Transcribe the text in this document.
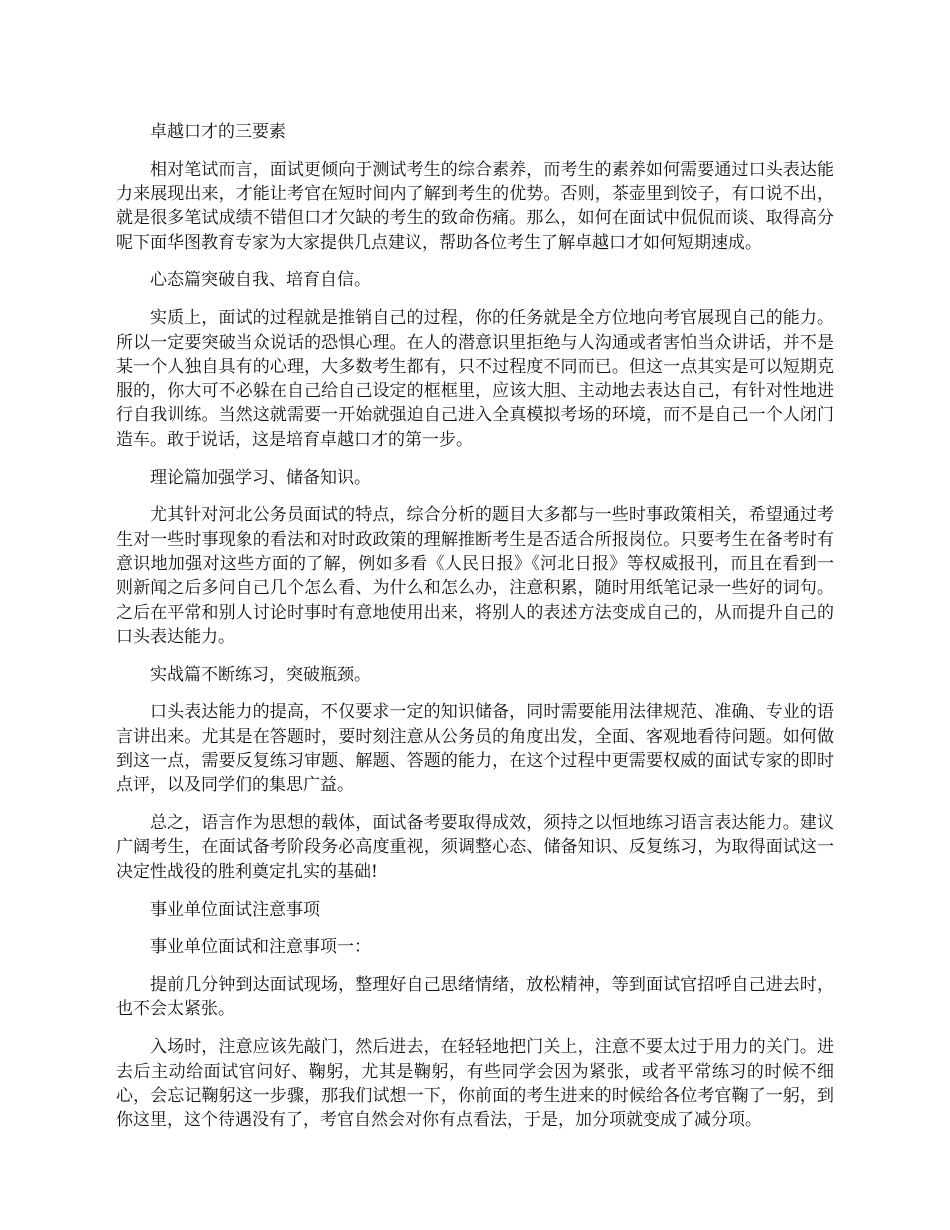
卓越口才的三要素

相对笔试而言，面试更倾向于测试考生的综合素养，而考生的素养如何需要通过口头表达能力来展现出来，才能让考官在短时间内了解到考生的优势。否则，茶壶里到饺子，有口说不出，就是很多笔试成绩不错但口才欠缺的考生的致命伤痛。那么，如何在面试中侃侃而谈、取得高分呢下面华图教育专家为大家提供几点建议，帮助各位考生了解卓越口才如何短期速成。

心态篇突破自我、培育自信。

实质上，面试的过程就是推销自己的过程，你的任务就是全方位地向考官展现自己的能力。所以一定要突破当众说话的恐惧心理。在人的潜意识里拒绝与人沟通或者害怕当众讲话，并不是某一个人独自具有的心理，大多数考生都有，只不过程度不同而已。但这一点其实是可以短期克服的，你大可不必躲在自己给自己设定的框框里，应该大胆、主动地去表达自己，有针对性地进行自我训练。当然这就需要一开始就强迫自己进入全真模拟考场的环境，而不是自己一个人闭门造车。敢于说话，这是培育卓越口才的第一步。

理论篇加强学习、储备知识。

尤其针对河北公务员面试的特点，综合分析的题目大多都与一些时事政策相关，希望通过考生对一些时事现象的看法和对时政政策的理解推断考生是否适合所报岗位。只要考生在备考时有意识地加强对这些方面的了解，例如多看《人民日报》《河北日报》等权威报刊，而且在看到一则新闻之后多问自己几个怎么看、为什么和怎么办，注意积累，随时用纸笔记录一些好的词句。之后在平常和别人讨论时事时有意地使用出来，将别人的表述方法变成自己的，从而提升自己的口头表达能力。

实战篇不断练习，突破瓶颈。

口头表达能力的提高，不仅要求一定的知识储备，同时需要能用法律规范、准确、专业的语言讲出来。尤其是在答题时，要时刻注意从公务员的角度出发，全面、客观地看待问题。如何做到这一点，需要反复练习审题、解题、答题的能力，在这个过程中更需要权威的面试专家的即时点评，以及同学们的集思广益。

总之，语言作为思想的载体，面试备考要取得成效，须持之以恒地练习语言表达能力。建议广阔考生，在面试备考阶段务必高度重视，须调整心态、储备知识、反复练习，为取得面试这一决定性战役的胜利奠定扎实的基础!

事业单位面试注意事项

事业单位面试和注意事项一：

提前几分钟到达面试现场，整理好自己思绪情绪，放松精神，等到面试官招呼自己进去时，也不会太紧张。

入场时，注意应该先敲门，然后进去，在轻轻地把门关上，注意不要太过于用力的关门。进去后主动给面试官问好、鞠躬，尤其是鞠躬，有些同学会因为紧张，或者平常练习的时候不细心，会忘记鞠躬这一步骤，那我们试想一下，你前面的考生进来的时候给各位考官鞠了一躬，到你这里，这个待遇没有了，考官自然会对你有点看法，于是，加分项就变成了减分项。
